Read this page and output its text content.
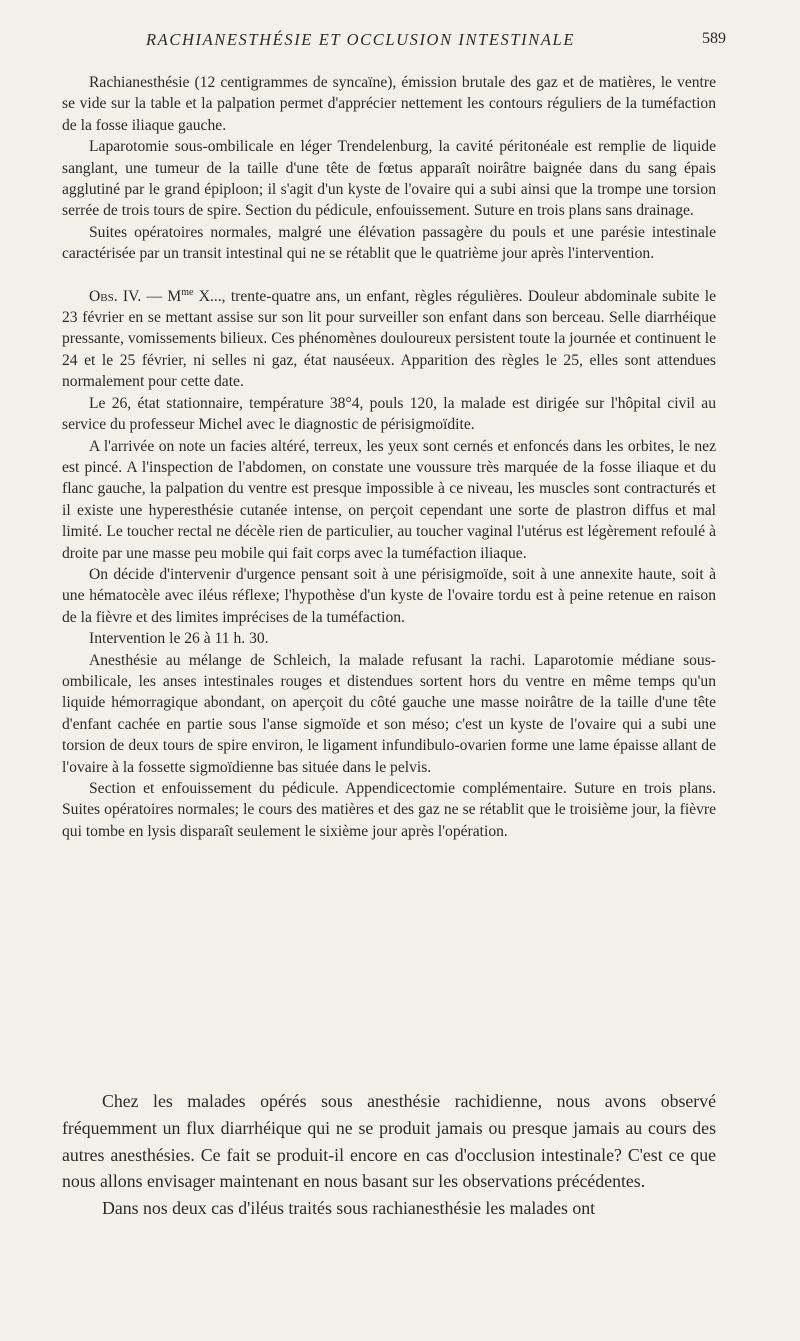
RACHIANESTHÉSIE ET OCCLUSION INTESTINALE	589

Rachianesthésie (12 centigrammes de syncaïne), émission brutale des gaz et de matières, le ventre se vide sur la table et la palpation permet d'apprécier nettement les contours réguliers de la tuméfaction de la fosse iliaque gauche.

Laparotomie sous-ombilicale en léger Trendelenburg, la cavité péritonéale est remplie de liquide sanglant, une tumeur de la taille d'une tête de fœtus apparaît noirâtre baignée dans du sang épais agglutiné par le grand épiploon; il s'agit d'un kyste de l'ovaire qui a subi ainsi que la trompe une torsion serrée de trois tours de spire. Section du pédicule, enfouissement. Suture en trois plans sans drainage.

Suites opératoires normales, malgré une élévation passagère du pouls et une parésie intestinale caractérisée par un transit intestinal qui ne se rétablit que le quatrième jour après l'intervention.

Obs. IV. — $M^{me}$ X..., trente-quatre ans, un enfant, règles régulières. Douleur abdominale subite le 23 février en se mettant assise sur son lit pour surveiller son enfant dans son berceau. Selle diarrhéique pressante, vomissements bilieux. Ces phénomènes douloureux persistent toute la journée et continuent le 24 et le 25 février, ni selles ni gaz, état nauséeux. Apparition des règles le 25, elles sont attendues normalement pour cette date.

Le 26, état stationnaire, température 38°4, pouls 120, la malade est dirigée sur l'hôpital civil au service du professeur Michel avec le diagnostic de périsigmoïdite.

A l'arrivée on note un facies altéré, terreux, les yeux sont cernés et enfoncés dans les orbites, le nez est pincé. A l'inspection de l'abdomen, on constate une voussure très marquée de la fosse iliaque et du flanc gauche, la palpation du ventre est presque impossible à ce niveau, les muscles sont contracturés et il existe une hyperesthésie cutanée intense, on perçoit cependant une sorte de plastron diffus et mal limité. Le toucher rectal ne décèle rien de particulier, au toucher vaginal l'utérus est légèrement refoulé à droite par une masse peu mobile qui fait corps avec la tuméfaction iliaque.

On décide d'intervenir d'urgence pensant soit à une périsigmoïde, soit à une annexite haute, soit à une hématocèle avec iléus réflexe; l'hypothèse d'un kyste de l'ovaire tordu est à peine retenue en raison de la fièvre et des limites imprécises de la tuméfaction.

Intervention le 26 à 11 h. 30.

Anesthésie au mélange de Schleich, la malade refusant la rachi. Laparotomie médiane sous-ombilicale, les anses intestinales rouges et distendues sortent hors du ventre en même temps qu'un liquide hémorragique abondant, on aperçoit du côté gauche une masse noirâtre de la taille d'une tête d'enfant cachée en partie sous l'anse sigmoïde et son méso; c'est un kyste de l'ovaire qui a subi une torsion de deux tours de spire environ, le ligament infundibulo-ovarien forme une lame épaisse allant de l'ovaire à la fossette sigmoïdienne bas située dans le pelvis.

Section et enfouissement du pédicule. Appendicectomie complémentaire. Suture en trois plans. Suites opératoires normales; le cours des matières et des gaz ne se rétablit que le troisième jour, la fièvre qui tombe en lysis disparaît seulement le sixième jour après l'opération.

Chez les malades opérés sous anesthésie rachidienne, nous avons observé fréquemment un flux diarrhéique qui ne se produit jamais ou presque jamais au cours des autres anesthésies. Ce fait se produit-il encore en cas d'occlusion intestinale? C'est ce que nous allons envisager maintenant en nous basant sur les observations précédentes.

Dans nos deux cas d'iléus traités sous rachianesthésie les malades ont
